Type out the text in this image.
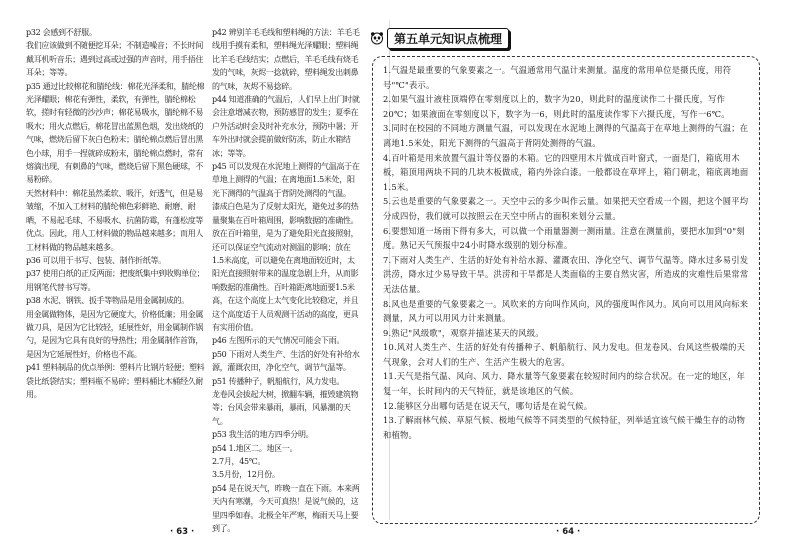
p32 会感到不舒服。

我们应该做到不随便挖耳朵；不制造噪音；不长时间戴耳机听音乐；遇到过高或过强的声音时，用手捂住耳朵；等等。

p35 通过比较棉花和腈纶线：棉花光泽柔和，腈纶棉光泽耀眼；棉花有弹性，柔软，有弹性，腈纶棉松软，搓时有轻微的沙沙声；棉花易吸水，腈纶棉不易吸水；用火点燃后，棉花冒出蓝黑色烟，发出烧纸的气味，燃烧后留下灰白色粉末；腈纶棉点燃后冒出黑色小球，用手一捏就碎成粉末，腈纶棉点燃时，常有熔滴出现，有刺鼻的气味，燃烧后留下黑色硬球，不易粉碎。

天然材料中：棉花虽然柔软、吸汗，好透气，但是易皱缩，不加入工材料的腈纶棉色彩鲜艳、耐磨、耐晒，不易起毛球、不易吸水、抗菌防霉，有蓬松度等优点。因此，用人工材料做的物品越来越多；而用人工材料做的物品越来越多。

p36 可以用于书写、包装、制作折纸等。

p37 使用白纸的正反两面；把废纸集中到收购单位；用钢笔代替书写等。

p38 水泥、钢铁、扳手等物品是用金属制成的。

用金属做物体，是因为它硬度大，价格低廉；用金属做刀具，是因为它比较轻，延展性好，用金属制作锅勺，是因为它具有良好的导热性；用金属制作首饰，是因为它延展性好，价格也不高。

p41 塑料制品的优点举例：塑料片比钢片轻便；塑料袋比纸袋结实；塑料瓶不易碎；塑料桶比木桶经久耐用。

p42 辨别羊毛毛线和塑料绳的方法：羊毛毛线用手摸有柔和，塑料绳光泽耀眼；塑料绳比羊毛毛线结实；点燃后，羊毛毛线有烧毛发的气味，灰烬一捻就碎，塑料绳发出刺鼻的气味，灰烬不易捻碎。

p44 知道准确的气温后，人们早上出门时就会注意增减衣物，预防感冒的发生；夏季在户外活动时会及时补充水分，预防中暑；开车外出时就会提前做好防冻，防止水箱结冰；等等。

p45 可以发现在水泥地上测得的气温高于在草地上测得的气温；在离地面1.5米处，阳光下测得的气温高于背阴处测得的气温。

漆成白色是为了反射太阳光，避免过多的热量聚集在百叶箱周围，影响数据的准确性。放在百叶箱里，是为了避免阳光直接照射，还可以保证空气流动对测温的影响；放在1.5米高度，可以避免在离地面较近时，太阳光直接照射带来的温度急剧上升，从而影响数据的准确性。百叶箱距离地面要1.5米高，在这个高度上太气变化比较稳定，并且这个高度适于人员观测干活动的高度，更具有实用价值。

p46 左图所示的天气情况可能会下雨。

p50 下雨对人类生产、生活的好处有补给水源，灌溉农田，净化空气，调节气温等。

p51 传播种子，帆船航行，风力发电。

龙卷风会拔起大树，掀翻车辆，摧毁建筑物等；台风会带来暴雨，暴雨，风暴潮的天气。

p53 我生活的地方四季分明。

p54 1.地区二。地区一。

2.7月，45℃。

3.5月份，12月份。

p54 是在说天气，昨晚一直在下雨。本来两天内有寒潮，今天可真热！是说气候的，这里四季如春。北极全年严寒，梅雨天马上要到了。

· 63 ·
第五单元知识点梳理

1.气温是最重要的气象要素之一。气温通常用气温计来测量。温度的常用单位是摄氏度，用符号"℃"表示。

2.如果气温计液柱顶端停在零刻度以上的，数字为20，则此时的温度读作二十摄氏度，写作20℃；如果液面在零刻度以下，数字为一6，则此时的温度读作零下六摄氏度，写作一6℃。

3.同时在校园的不同地方测量气温，可以发现在水泥地上测得的气温高于在草地上测得的气温；在离地1.5米处，阳光下测得的气温高于背阴处测得的气温。

4.百叶箱是用来放置气温计等仪器的木箱。它的四壁用木片做成百叶窗式，一面是门，箱底用木板，箱顶用两块不同的几块木板做成，箱内外涂白漆。一般都设在草坪上，箱门朝北，箱底离地面1.5米。

5.云也是重要的气象要素之一。天空中云的多少叫作云量。如果把天空看成一个圆，把这个圆平均分成四份，我们就可以按照云在天空中所占的面积来划分云量。

6.要想知道一场雨下得有多大，可以做一个雨量器测一测雨量。注意在测量前，要把水加到"0"刻度。熟记天气预报中24小时降水级别的划分标准。

7.下雨对人类生产、生活的好处有补给水源、灌溉农田、净化空气、调节气温等。降水过多易引发洪涝，降水过少易导致干旱。洪涝和干旱都是人类面临的主要自然灾害，所造成的灾难性后果常常无法估量。

8.风也是重要的气象要素之一。风吹来的方向叫作风向，风的强度叫作风力。风向可以用风向标来测量，风力可以用风力计来测量。

9.熟记"风级歌"，观察并描述某天的风级。

10.风对人类生产、生活的好处有传播种子、帆船航行、风力发电。但龙卷风、台风这些极端的天气现象，会对人们的生产、生活产生极大的危害。

11.天气是指气温、风向、风力、降水量等气象要素在较短时间内的综合状况。在一定的地区，年复一年，长时间内的天气特征，就是该地区的气候。

12.能够区分出哪句话是在说天气，哪句话是在说气候。

13.了解雨林气候、草原气候、极地气候等不同类型的气候特征，列举适宜该气候干燥生存的动物和植物。

· 64 ·
